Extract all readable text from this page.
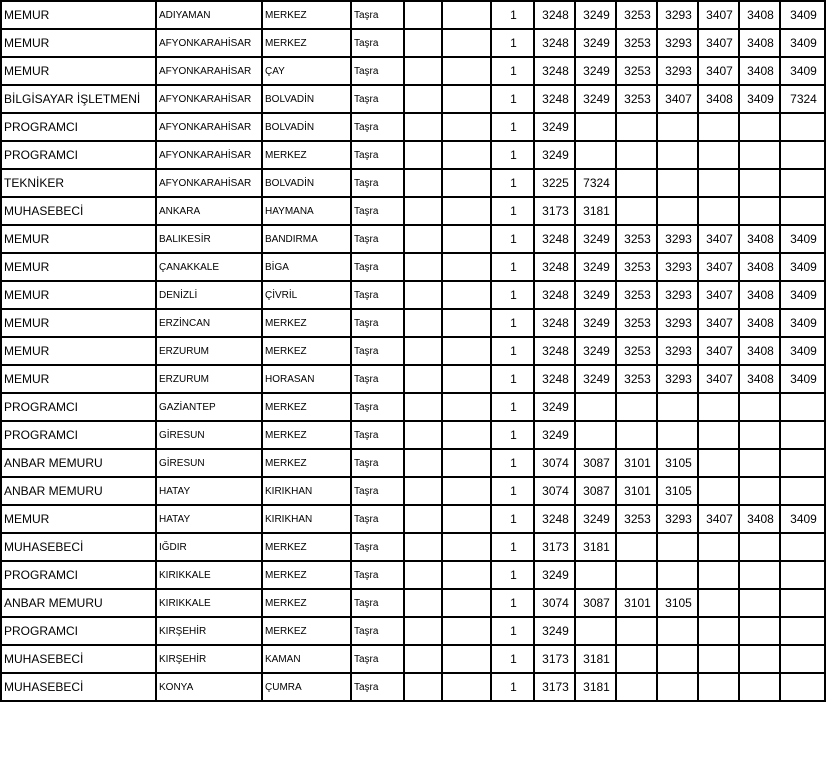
MEMUR	ADIYAMAN	MERKEZ	Taşra			1	3248	3249	3253	3293	3407	3408	3409
MEMUR	AFYONKARAHİSAR	MERKEZ	Taşra			1	3248	3249	3253	3293	3407	3408	3409
MEMUR	AFYONKARAHİSAR	ÇAY	Taşra			1	3248	3249	3253	3293	3407	3408	3409
BİLGİSAYAR İŞLETMENİ	AFYONKARAHİSAR	BOLVADİN	Taşra			1	3248	3249	3253	3407	3408	3409	7324
PROGRAMCI	AFYONKARAHİSAR	BOLVADİN	Taşra			1	3249						
PROGRAMCI	AFYONKARAHİSAR	MERKEZ	Taşra			1	3249						
TEKNİKER	AFYONKARAHİSAR	BOLVADİN	Taşra			1	3225	7324					
MUHASEBECİ	ANKARA	HAYMANA	Taşra			1	3173	3181					
MEMUR	BALIKESİR	BANDIRMA	Taşra			1	3248	3249	3253	3293	3407	3408	3409
MEMUR	ÇANAKKALE	BİGA	Taşra			1	3248	3249	3253	3293	3407	3408	3409
MEMUR	DENİZLİ	ÇİVRİL	Taşra			1	3248	3249	3253	3293	3407	3408	3409
MEMUR	ERZİNCAN	MERKEZ	Taşra			1	3248	3249	3253	3293	3407	3408	3409
MEMUR	ERZURUM	MERKEZ	Taşra			1	3248	3249	3253	3293	3407	3408	3409
MEMUR	ERZURUM	HORASAN	Taşra			1	3248	3249	3253	3293	3407	3408	3409
PROGRAMCI	GAZİANTEP	MERKEZ	Taşra			1	3249						
PROGRAMCI	GİRESUN	MERKEZ	Taşra			1	3249						
ANBAR MEMURU	GİRESUN	MERKEZ	Taşra			1	3074	3087	3101	3105			
ANBAR MEMURU	HATAY	KIRIKHAN	Taşra			1	3074	3087	3101	3105			
MEMUR	HATAY	KIRIKHAN	Taşra			1	3248	3249	3253	3293	3407	3408	3409
MUHASEBECİ	IĞDIR	MERKEZ	Taşra			1	3173	3181					
PROGRAMCI	KIRIKKALE	MERKEZ	Taşra			1	3249						
ANBAR MEMURU	KIRIKKALE	MERKEZ	Taşra			1	3074	3087	3101	3105			
PROGRAMCI	KIRŞEHİR	MERKEZ	Taşra			1	3249						
MUHASEBECİ	KIRŞEHİR	KAMAN	Taşra			1	3173	3181					
MUHASEBECİ	KONYA	ÇUMRA	Taşra			1	3173	3181					
